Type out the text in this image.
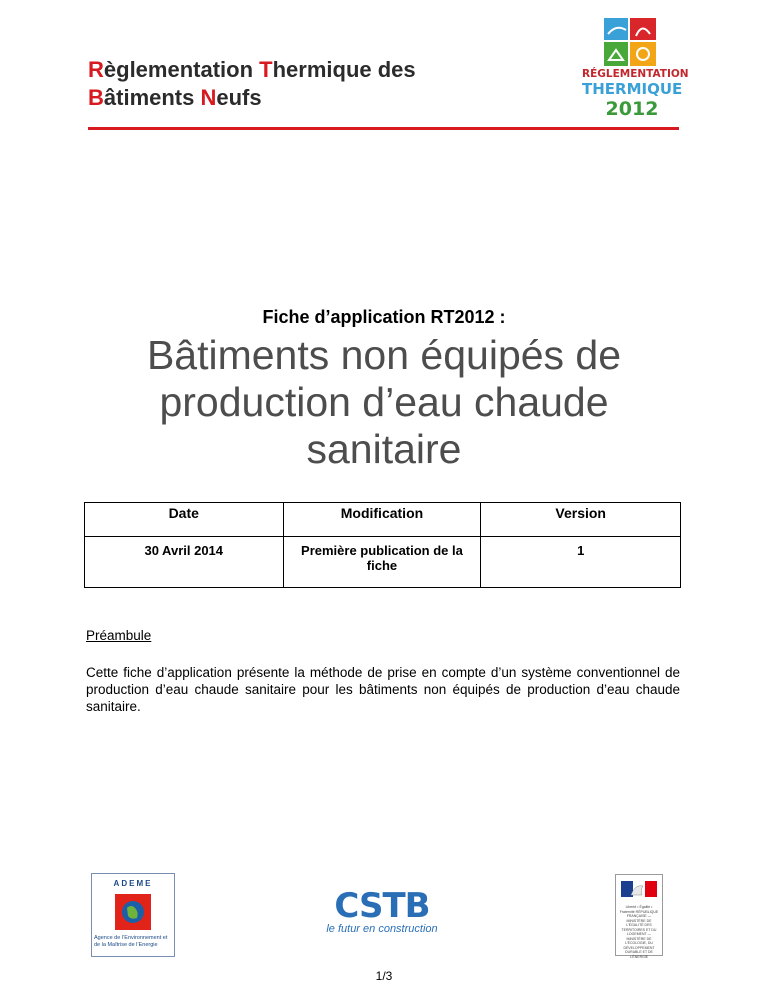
Règlementation Thermique des
Bâtiments Neufs
RÉGLEMENTATION
THERMIQUE
2012
Fiche d’application RT2012 :
Bâtiments non équipés de
production d’eau chaude
sanitaire
Date	Modification	Version
30 Avril 2014	Première publication de la fiche	1
Préambule
Cette fiche d’application présente la méthode de prise en compte d’un système conventionnel de production d’eau chaude sanitaire pour les bâtiments non équipés de production d’eau chaude sanitaire.
ADEME
Agence de l’Environnement et de la Maîtrise de l’Energie
CSTB
le futur en construction
Liberté • Égalité • Fraternité RÉPUBLIQUE FRANÇAISE — MINISTÈRE DE L’ÉGALITÉ DES TERRITOIRES ET DU LOGEMENT — MINISTÈRE DE L’ÉCOLOGIE, DU DÉVELOPPEMENT DURABLE ET DE L’ÉNERGIE
1/3
